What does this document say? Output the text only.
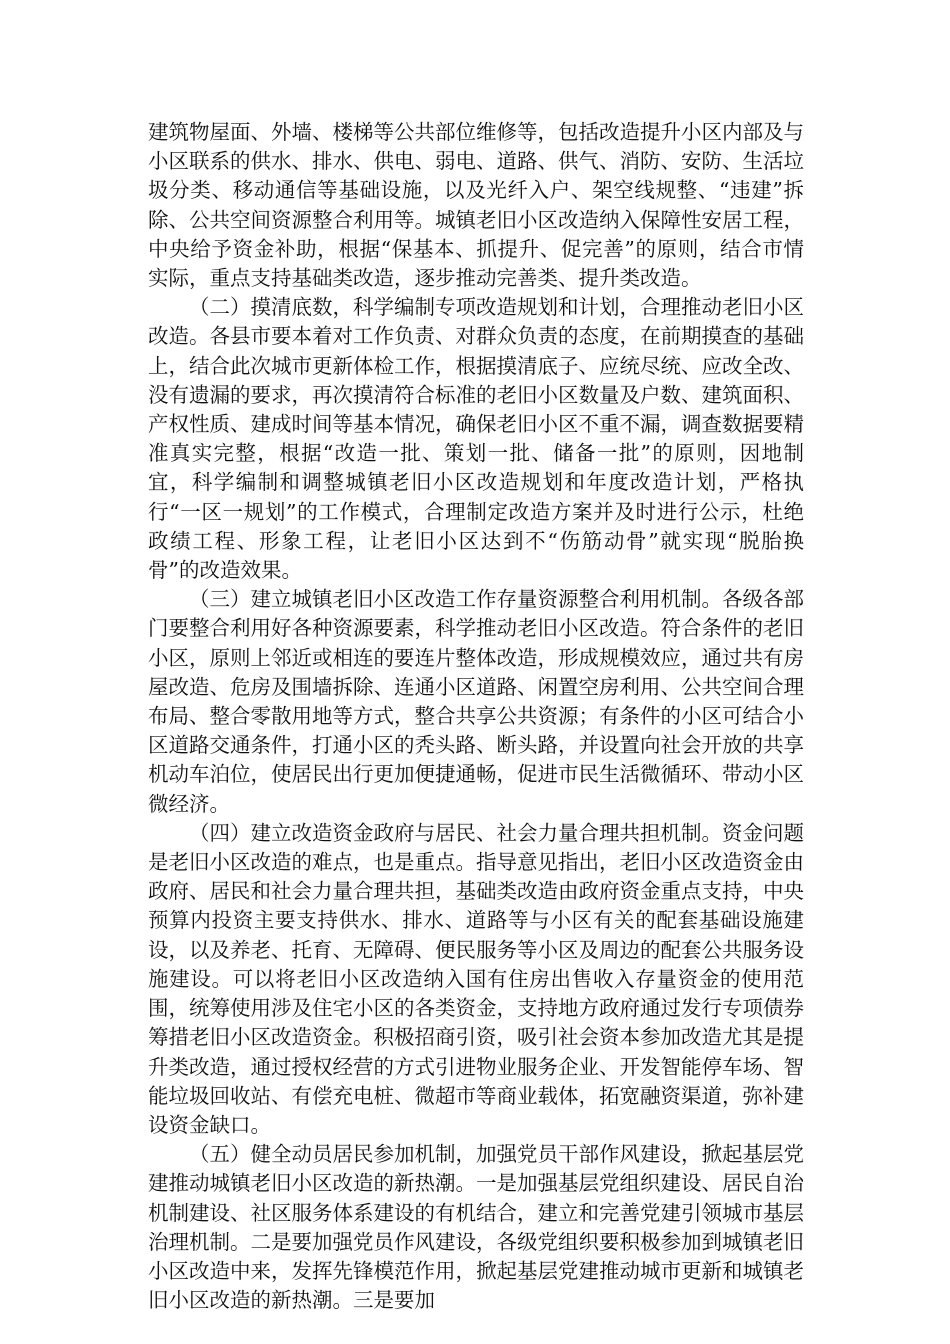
建筑物屋面、外墙、楼梯等公共部位维修等，包括改造提升小区内部及与小区联系的供水、排水、供电、弱电、道路、供气、消防、安防、生活垃圾分类、移动通信等基础设施，以及光纤入户、架空线规整、“违建”拆除、公共空间资源整合利用等。城镇老旧小区改造纳入保障性安居工程，中央给予资金补助，根据“保基本、抓提升、促完善”的原则，结合市情实际，重点支持基础类改造，逐步推动完善类、提升类改造。

（二）摸清底数，科学编制专项改造规划和计划，合理推动老旧小区改造。各县市要本着对工作负责、对群众负责的态度，在前期摸查的基础上，结合此次城市更新体检工作，根据摸清底子、应统尽统、应改全改、没有遗漏的要求，再次摸清符合标准的老旧小区数量及户数、建筑面积、产权性质、建成时间等基本情况，确保老旧小区不重不漏，调查数据要精准真实完整，根据“改造一批、策划一批、储备一批”的原则，因地制宜，科学编制和调整城镇老旧小区改造规划和年度改造计划，严格执行“一区一规划”的工作模式，合理制定改造方案并及时进行公示，杜绝政绩工程、形象工程，让老旧小区达到不“伤筋动骨”就实现“脱胎换骨”的改造效果。

（三）建立城镇老旧小区改造工作存量资源整合利用机制。各级各部门要整合利用好各种资源要素，科学推动老旧小区改造。符合条件的老旧小区，原则上邻近或相连的要连片整体改造，形成规模效应，通过共有房屋改造、危房及围墙拆除、连通小区道路、闲置空房利用、公共空间合理布局、整合零散用地等方式，整合共享公共资源；有条件的小区可结合小区道路交通条件，打通小区的秃头路、断头路，并设置向社会开放的共享机动车泊位，使居民出行更加便捷通畅，促进市民生活微循环、带动小区微经济。

（四）建立改造资金政府与居民、社会力量合理共担机制。资金问题是老旧小区改造的难点，也是重点。指导意见指出，老旧小区改造资金由政府、居民和社会力量合理共担，基础类改造由政府资金重点支持，中央预算内投资主要支持供水、排水、道路等与小区有关的配套基础设施建设，以及养老、托育、无障碍、便民服务等小区及周边的配套公共服务设施建设。可以将老旧小区改造纳入国有住房出售收入存量资金的使用范围，统筹使用涉及住宅小区的各类资金，支持地方政府通过发行专项债券筹措老旧小区改造资金。积极招商引资，吸引社会资本参加改造尤其是提升类改造，通过授权经营的方式引进物业服务企业、开发智能停车场、智能垃圾回收站、有偿充电桩、微超市等商业载体，拓宽融资渠道，弥补建设资金缺口。

（五）健全动员居民参加机制，加强党员干部作风建设，掀起基层党建推动城镇老旧小区改造的新热潮。一是加强基层党组织建设、居民自治机制建设、社区服务体系建设的有机结合，建立和完善党建引领城市基层治理机制。二是要加强党员作风建设，各级党组织要积极参加到城镇老旧小区改造中来，发挥先锋模范作用，掀起基层党建推动城市更新和城镇老旧小区改造的新热潮。三是要加
